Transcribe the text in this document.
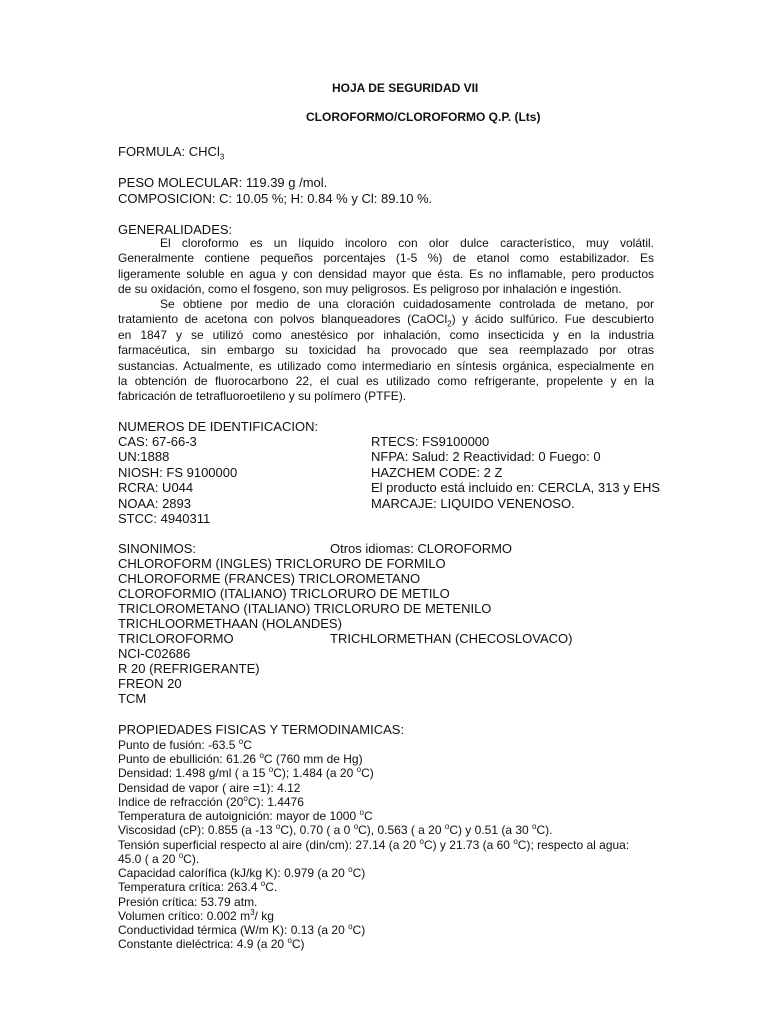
HOJA DE SEGURIDAD VII
CLOROFORMO/CLOROFORMO Q.P. (Lts)
FORMULA: CHCl$_3$
PESO MOLECULAR: 119.39 g /mol.
COMPOSICION: C: 10.05 %; H: 0.84 % y Cl: 89.10 %.
GENERALIDADES:
El cloroformo es un líquido incoloro con olor dulce característico, muy volátil.
Generalmente contiene pequeños porcentajes (1-5 %) de etanol como estabilizador. Es
ligeramente soluble en agua y con densidad mayor que ésta. Es no inflamable, pero productos
de su oxidación, como el fosgeno, son muy peligrosos. Es peligroso por inhalación e ingestión.
Se obtiene por medio de una cloración cuidadosamente controlada de metano, por
tratamiento de acetona con polvos blanqueadores (CaOCl$_2$) y ácido sulfúrico. Fue descubierto
en 1847 y se utilizó como anestésico por inhalación, como insecticida y en la industria
farmacéutica, sin embargo su toxicidad ha provocado que sea reemplazado por otras
sustancias. Actualmente, es utilizado como intermediario en síntesis orgánica, especialmente en
la obtención de fluorocarbono 22, el cual es utilizado como refrigerante, propelente y en la
fabricación de tetrafluoroetileno y su polímero (PTFE).
NUMEROS DE IDENTIFICACION:
CAS: 67-66-3
UN:1888
NIOSH: FS 9100000
RCRA: U044
NOAA: 2893
STCC: 4940311
RTECS: FS9100000
NFPA: Salud: 2 Reactividad: 0 Fuego: 0
HAZCHEM CODE: 2 Z
El producto está incluido en: CERCLA, 313 y EHS
MARCAJE: LIQUIDO VENENOSO.
SINONIMOS:	Otros idiomas: CLOROFORMO
CHLOROFORM (INGLES) TRICLORURO DE FORMILO
CHLOROFORME (FRANCES) TRICLOROMETANO
CLOROFORMIO (ITALIANO) TRICLORURO DE METILO
TRICLOROMETANO (ITALIANO) TRICLORURO DE METENILO
TRICHLOORMETHAAN (HOLANDES)
TRICLOROFORMO	TRICHLORMETHAN (CHECOSLOVACO)
NCI-C02686
R 20 (REFRIGERANTE)
FREON 20
TCM
PROPIEDADES FISICAS Y TERMODINAMICAS:
Punto de fusión: -63.5 $^o$C
Punto de ebullición: 61.26 $^o$C (760 mm de Hg)
Densidad: 1.498 g/ml ( a 15 $^o$C); 1.484 (a 20 $^o$C)
Densidad de vapor ( aire =1): 4.12
Indice de refracción (20$^o$C): 1.4476
Temperatura de autoignición: mayor de 1000 $^o$C
Viscosidad (cP): 0.855 (a -13 $^o$C), 0.70 ( a 0 $^o$C), 0.563 ( a 20 $^o$C) y 0.51 (a 30 $^o$C).
Tensión superficial respecto al aire (din/cm): 27.14 (a 20 $^o$C) y 21.73 (a 60 $^o$C); respecto al agua:
45.0 ( a 20 $^o$C).
Capacidad calorífica (kJ/kg K): 0.979 (a 20 $^o$C)
Temperatura crítica: 263.4 $^o$C.
Presión crítica: 53.79 atm.
Volumen crítico: 0.002 $m^3/$ kg
Conductividad térmica (W/m K): 0.13 (a 20 $^o$C)
Constante dieléctrica: 4.9 (a 20 $^o$C)
